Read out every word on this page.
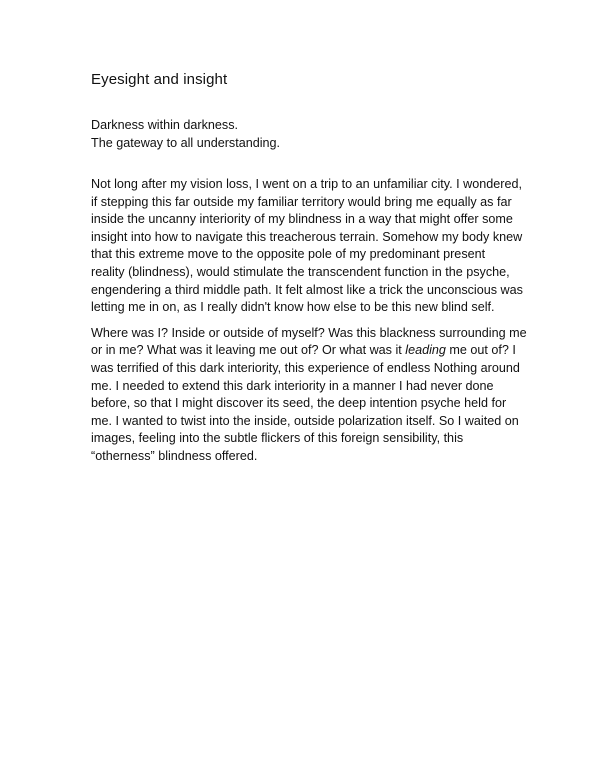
Eyesight and insight
Darkness within darkness.
The gateway to all understanding.

Not long after my vision loss, I went on a trip to an unfamiliar city. I wondered,
if stepping this far outside my familiar territory would bring me equally as far
inside the uncanny interiority of my blindness in a way that might offer some
insight into how to navigate this treacherous terrain. Somehow my body knew
that this extreme move to the opposite pole of my predominant present
reality (blindness), would stimulate the transcendent function in the psyche,
engendering a third middle path. It felt almost like a trick the unconscious was
letting me in on, as I really didn't know how else to be this new blind self.

Where was I? Inside or outside of myself? Was this blackness surrounding me
or in me? What was it leaving me out of? Or what was it leading me out of? I
was terrified of this dark interiority, this experience of endless Nothing around
me. I needed to extend this dark interiority in a manner I had never done
before, so that I might discover its seed, the deep intention psyche held for
me. I wanted to twist into the inside, outside polarization itself. So I waited on
images, feeling into the subtle flickers of this foreign sensibility, this
“otherness” blindness offered.
